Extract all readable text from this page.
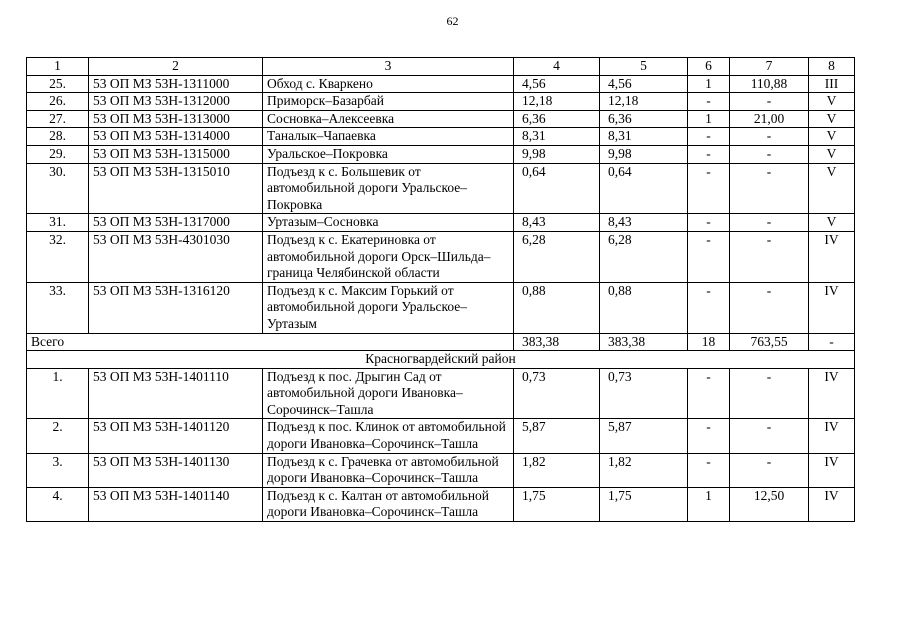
62
1	2	3	4	5	6	7	8
25.	53 ОП МЗ 53Н-1311000	Обход с. Кваркено	4,56	4,56	1	110,88	III
26.	53 ОП МЗ 53Н-1312000	Приморск–Базарбай	12,18	12,18	-	-	V
27.	53 ОП МЗ 53Н-1313000	Сосновка–Алексеевка	6,36	6,36	1	21,00	V
28.	53 ОП МЗ 53Н-1314000	Таналык–Чапаевка	8,31	8,31	-	-	V
29.	53 ОП МЗ 53Н-1315000	Уральское–Покровка	9,98	9,98	-	-	V
30.	53 ОП МЗ 53Н-1315010	Подъезд к с. Большевик от автомобильной дороги Уральское–Покровка	0,64	0,64	-	-	V
31.	53 ОП МЗ 53Н-1317000	Уртазым–Сосновка	8,43	8,43	-	-	V
32.	53 ОП МЗ 53Н-4301030	Подъезд к с. Екатериновка от автомобильной дороги Орск–Шильда–граница Челябинской области	6,28	6,28	-	-	IV
33.	53 ОП МЗ 53Н-1316120	Подъезд к с. Максим Горький от автомобильной дороги Уральское–Уртазым	0,88	0,88	-	-	IV
Всего			383,38	383,38	18	763,55	-
Красногвардейский район							
1.	53 ОП МЗ 53Н-1401110	Подъезд к пос. Дрыгин Сад от автомобильной дороги Ивановка–Сорочинск–Ташла	0,73	0,73	-	-	IV
2.	53 ОП МЗ 53Н-1401120	Подъезд к пос. Клинок от автомобильной дороги Ивановка–Сорочинск–Ташла	5,87	5,87	-	-	IV
3.	53 ОП МЗ 53Н-1401130	Подъезд к с. Грачевка от автомобильной дороги Ивановка–Сорочинск–Ташла	1,82	1,82	-	-	IV
4.	53 ОП МЗ 53Н-1401140	Подъезд к с. Калтан от автомобильной дороги Ивановка–Сорочинск–Ташла	1,75	1,75	1	12,50	IV
